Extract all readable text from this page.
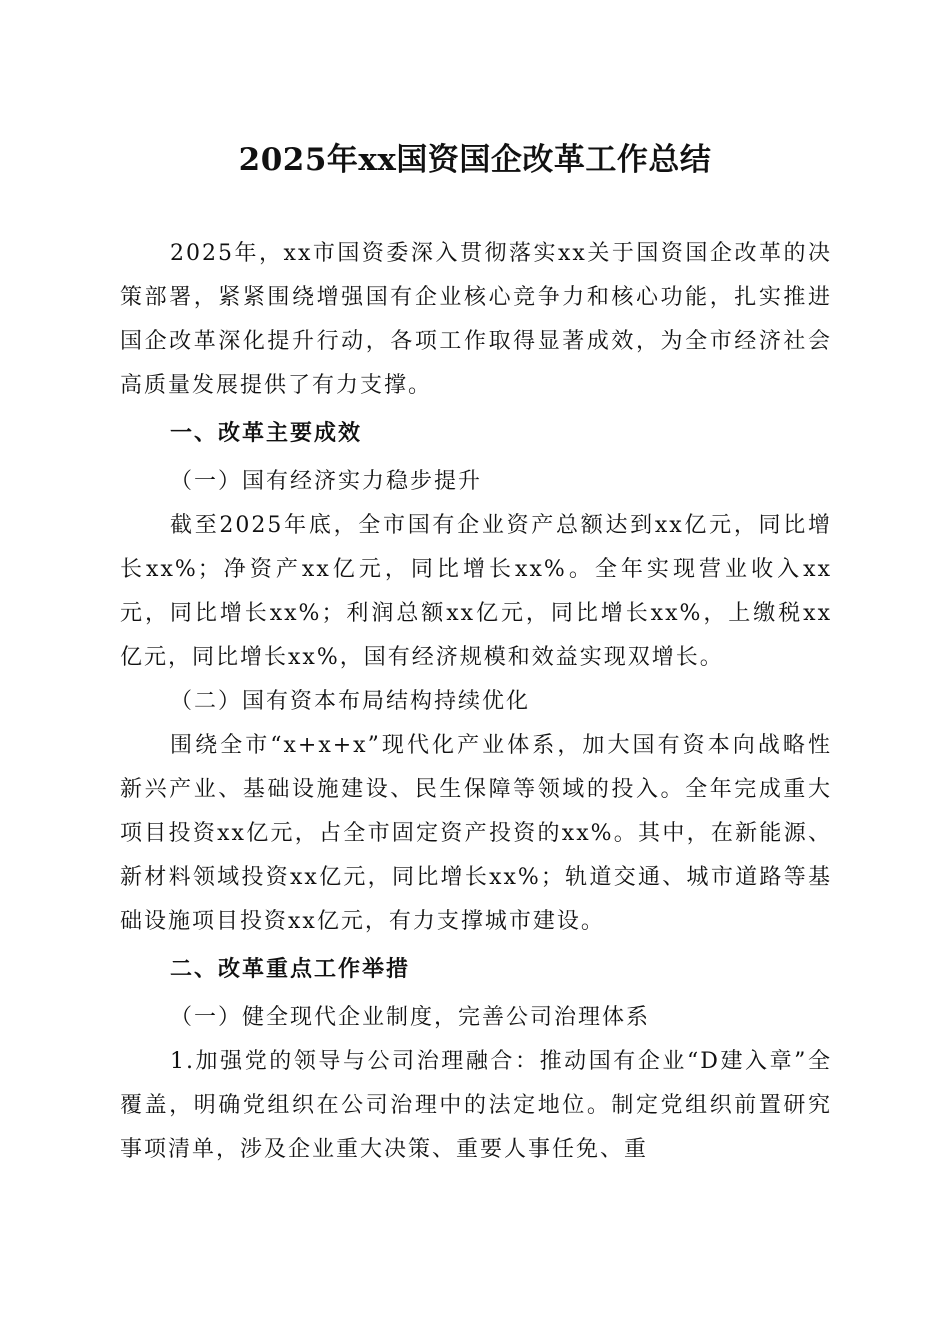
2025年xx国资国企改革工作总结

2025年，xx市国资委深入贯彻落实xx关于国资国企改革的决策部署，紧紧围绕增强国有企业核心竞争力和核心功能，扎实推进国企改革深化提升行动，各项工作取得显著成效，为全市经济社会高质量发展提供了有力支撑。

一、改革主要成效

（一）国有经济实力稳步提升

截至2025年底，全市国有企业资产总额达到xx亿元，同比增长xx%；净资产xx亿元，同比增长xx%。全年实现营业收入xx元，同比增长xx%；利润总额xx亿元，同比增长xx%，上缴税xx亿元，同比增长xx%，国有经济规模和效益实现双增长。

（二）国有资本布局结构持续优化

围绕全市“x+x+x”现代化产业体系，加大国有资本向战略性新兴产业、基础设施建设、民生保障等领域的投入。全年完成重大项目投资xx亿元，占全市固定资产投资的xx%。其中，在新能源、新材料领域投资xx亿元，同比增长xx%；轨道交通、城市道路等基础设施项目投资xx亿元，有力支撑城市建设。

二、改革重点工作举措

（一）健全现代企业制度，完善公司治理体系

1.加强党的领导与公司治理融合：推动国有企业“D建入章”全覆盖，明确党组织在公司治理中的法定地位。制定党组织前置研究事项清单，涉及企业重大决策、重要人事任免、重
